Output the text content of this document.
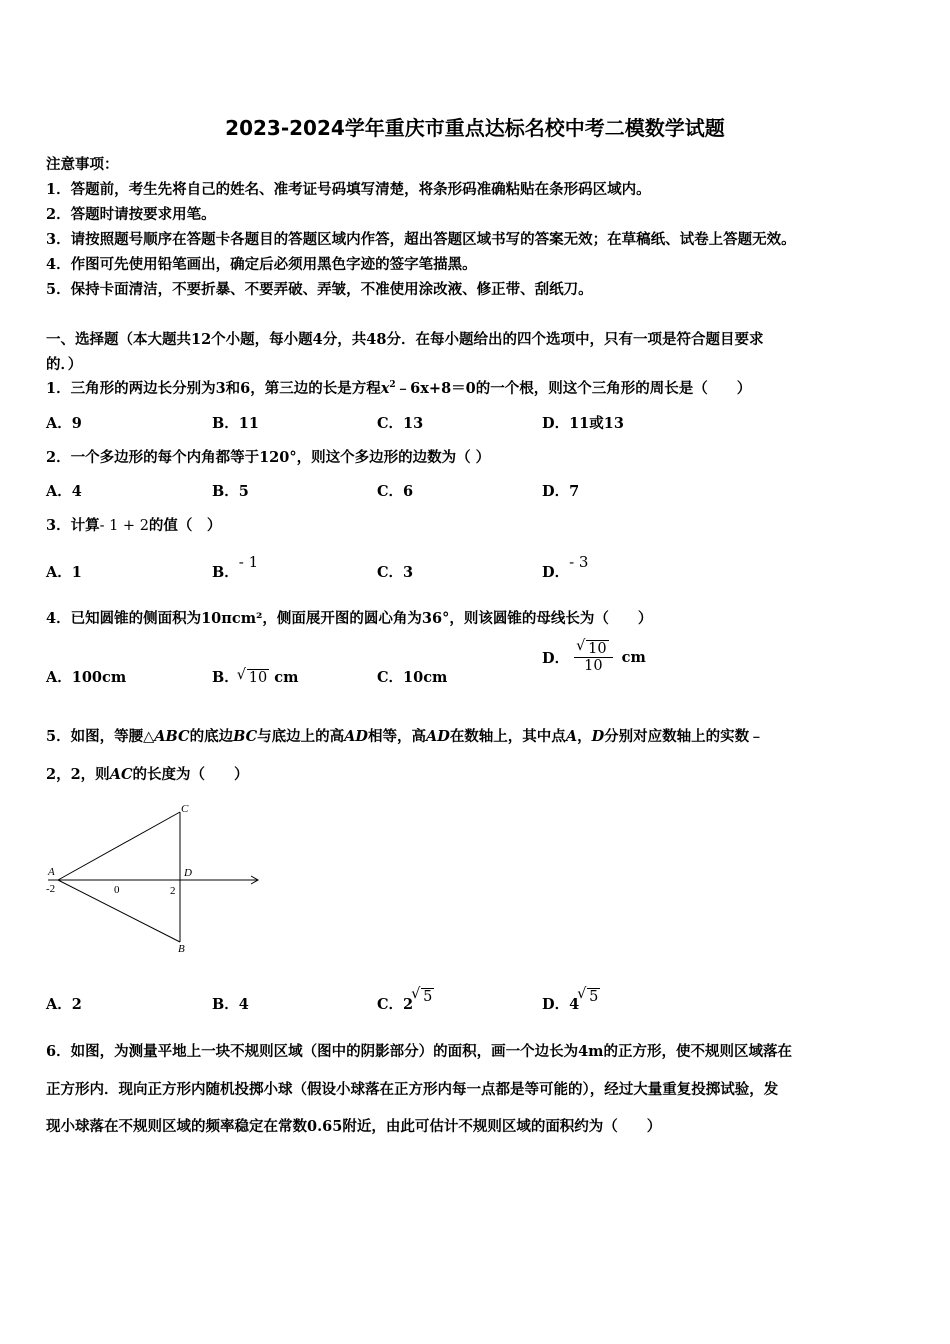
2023-2024学年重庆市重点达标名校中考二模数学试题
注意事项：
1．答题前，考生先将自己的姓名、准考证号码填写清楚，将条形码准确粘贴在条形码区域内。
2．答题时请按要求用笔。
3．请按照题号顺序在答题卡各题目的答题区域内作答，超出答题区域书写的答案无效；在草稿纸、试卷上答题无效。
4．作图可先使用铅笔画出，确定后必须用黑色字迹的签字笔描黑。
5．保持卡面清洁，不要折暴、不要弄破、弄皱，不准使用涂改液、修正带、刮纸刀。
一、选择题（本大题共12个小题，每小题4分，共48分．在每小题给出的四个选项中，只有一项是符合题目要求
的．）
1．三角形的两边长分别为3和6，第三边的长是方程$x^2﹣6x+8=0$的一个根，则这个三角形的周长是（　　）
A．9	B．11	C．13	D．11或13
2．一个多边形的每个内角都等于120°，则这个多边形的边数为（ ）
A．4	B．5	C．6	D．7
3．计算- 1 + 2的值（　）
A．1	B．- 1
C．3	D．- 3
4．已知圆锥的侧面积为10πcm²，侧面展开图的圆心角为36°，则该圆锥的母线长为（　　）
A．100cm	B． √ 10 cm	C．10cm
D． √ $\frac{10}{10}$ cm
5．如图，等腰△ABC的底边BC与底边上的高AD相等，高AD在数轴上，其中点A，D分别对应数轴上的实数﹣
2，2，则AC的长度为（　　）
A
C
D
B
-2	0	2
A．2	B．4	C．2 √ 5	D．4 √ 5
6．如图，为测量平地上一块不规则区域（图中的阴影部分）的面积，画一个边长为4m的正方形，使不规则区域落在
正方形内．现向正方形内随机投掷小球（假设小球落在正方形内每一点都是等可能的），经过大量重复投掷试验，发
现小球落在不规则区域的频率稳定在常数0.65附近，由此可估计不规则区域的面积约为（　　）
